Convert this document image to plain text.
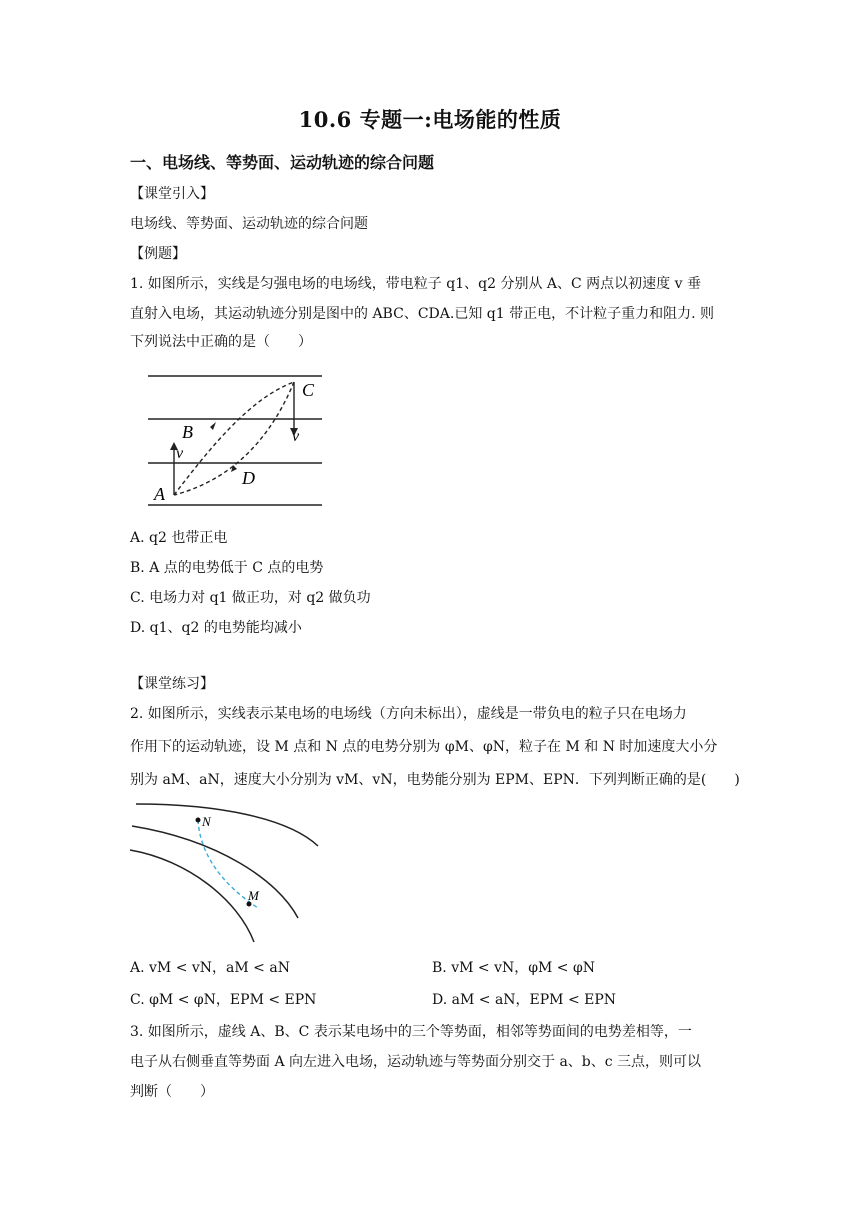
10.6 专题一:电场能的性质
一、电场线、等势面、运动轨迹的综合问题
【课堂引入】
电场线、等势面、运动轨迹的综合问题
【例题】
1. 如图所示，实线是匀强电场的电场线，带电粒子 q1、q2 分别从 A、C 两点以初速度 v 垂
直射入电场，其运动轨迹分别是图中的 ABC、CDA.已知 q1 带正电，不计粒子重力和阻力. 则
下列说法中正确的是（　　）
A
B
C
D
v
v
A. q2 也带正电
B. A 点的电势低于 C 点的电势
C. 电场力对 q1 做正功，对 q2 做负功
D. q1、q2 的电势能均减小
【课堂练习】
2. 如图所示，实线表示某电场的电场线（方向未标出），虚线是一带负电的粒子只在电场力
作用下的运动轨迹，设 M 点和 N 点的电势分别为 φM、φN，粒子在 M 和 N 时加速度大小分
别为 aM、aN，速度大小分别为 vM、vN，电势能分别为 EPM、EPN．下列判断正确的是(　　)
N
M
A. vM < vN，aM < aN	B. vM < vN，φM < φN
C. φM < φN，EPM < EPN	D. aM < aN，EPM < EPN
3. 如图所示，虚线 A、B、C 表示某电场中的三个等势面，相邻等势面间的电势差相等，一
电子从右侧垂直等势面 A 向左进入电场，运动轨迹与等势面分别交于 a、b、c 三点，则可以
判断（　　）
